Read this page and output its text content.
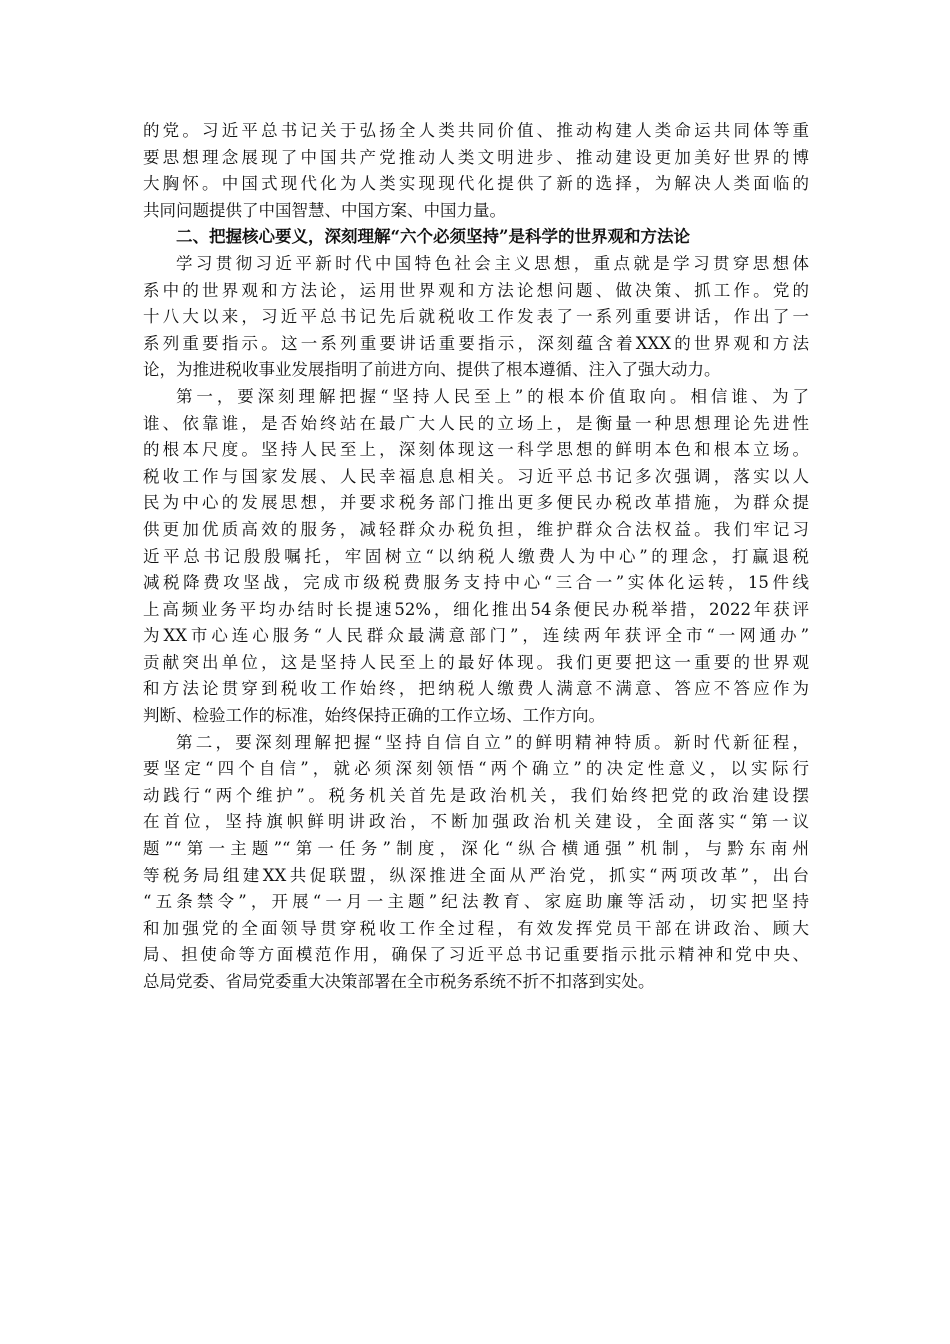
的党。习近平总书记关于弘扬全人类共同价值、推动构建人类命运共同体等重
要思想理念展现了中国共产党推动人类文明进步、推动建设更加美好世界的博
大胸怀。中国式现代化为人类实现现代化提供了新的选择，为解决人类面临的
共同问题提供了中国智慧、中国方案、中国力量。
二、把握核心要义，深刻理解“六个必须坚持”是科学的世界观和方法论
学习贯彻习近平新时代中国特色社会主义思想，重点就是学习贯穿思想体
系中的世界观和方法论，运用世界观和方法论想问题、做决策、抓工作。党的
十八大以来，习近平总书记先后就税收工作发表了一系列重要讲话，作出了一
系列重要指示。这一系列重要讲话重要指示，深刻蕴含着XXX的世界观和方法
论，为推进税收事业发展指明了前进方向、提供了根本遵循、注入了强大动力。
第一，要深刻理解把握“坚持人民至上”的根本价值取向。相信谁、为了
谁、依靠谁，是否始终站在最广大人民的立场上，是衡量一种思想理论先进性
的根本尺度。坚持人民至上，深刻体现这一科学思想的鲜明本色和根本立场。
税收工作与国家发展、人民幸福息息相关。习近平总书记多次强调，落实以人
民为中心的发展思想，并要求税务部门推出更多便民办税改革措施，为群众提
供更加优质高效的服务，减轻群众办税负担，维护群众合法权益。我们牢记习
近平总书记殷殷嘱托，牢固树立“以纳税人缴费人为中心”的理念，打赢退税
减税降费攻坚战，完成市级税费服务支持中心“三合一”实体化运转，15件线
上高频业务平均办结时长提速52%，细化推出54条便民办税举措，2022年获评
为XX市心连心服务“人民群众最满意部门”，连续两年获评全市“一网通办”
贡献突出单位，这是坚持人民至上的最好体现。我们更要把这一重要的世界观
和方法论贯穿到税收工作始终，把纳税人缴费人满意不满意、答应不答应作为
判断、检验工作的标准，始终保持正确的工作立场、工作方向。
第二，要深刻理解把握“坚持自信自立”的鲜明精神特质。新时代新征程，
要坚定“四个自信”，就必须深刻领悟“两个确立”的决定性意义，以实际行
动践行“两个维护”。税务机关首先是政治机关，我们始终把党的政治建设摆
在首位，坚持旗帜鲜明讲政治，不断加强政治机关建设，全面落实“第一议
题”“第一主题”“第一任务”制度，深化“纵合横通强”机制，与黔东南州
等税务局组建XX共促联盟，纵深推进全面从严治党，抓实“两项改革”，出台
“五条禁令”，开展“一月一主题”纪法教育、家庭助廉等活动，切实把坚持
和加强党的全面领导贯穿税收工作全过程，有效发挥党员干部在讲政治、顾大
局、担使命等方面模范作用，确保了习近平总书记重要指示批示精神和党中央、
总局党委、省局党委重大决策部署在全市税务系统不折不扣落到实处。
